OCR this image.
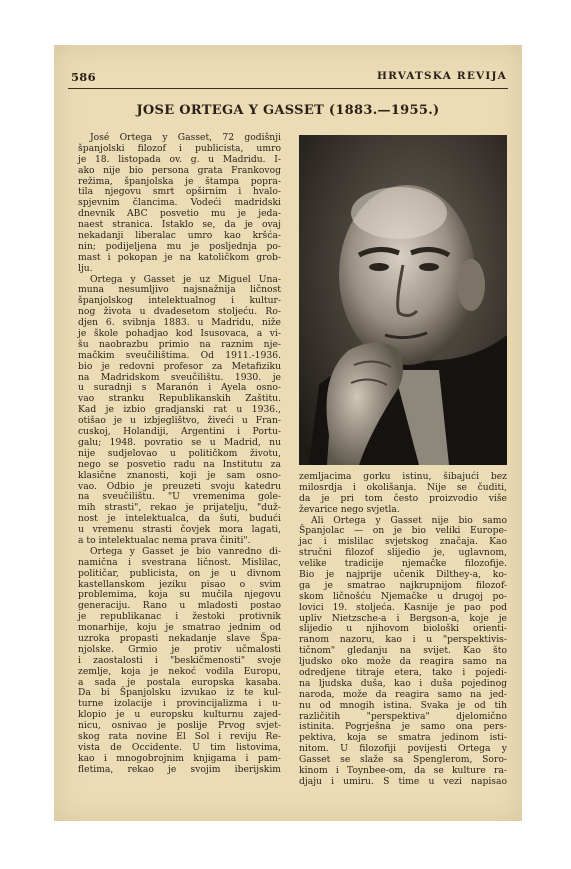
586	HRVATSKA REVIJA
JOSE ORTEGA Y GASSET (1883.—1955.)
José Ortega y Gasset, 72 godišnji
španjolski filozof i publicista, umro
je 18. listopada ov. g. u Madridu. I-
ako nije bio persona grata Frankovog
režima, španjolska je štampa popra-
tila njegovu smrt opširnim i hvalo-
spjevnim člancima. Vodeći madridski
dnevnik ABC posvetio mu je jeda-
naest stranica. Istaklo se, da je ovaj
nekadanji liberalac umro kao kršća-
nin; podijeljena mu je posljednja po-
mast i pokopan je na katoličkom grob-
lju.
Ortega y Gasset je uz Miguel Una-
muna nesumljivo najsnažnija ličnost
španjolskog intelektualnog i kultur-
nog života u dvadesetom stoljeću. Ro-
djen 6. svibnja 1883. u Madridu, niže
je škole pohadjao kod Isusovaca, a vi-
šu naobrazbu primio na raznim nje-
mačkim sveučilištima. Od 1911.-1936.
bio je redovni profesor za Metafiziku
na Madridskom sveučilištu. 1930. je
u suradnji s Maranón i Ayela osno-
vao stranku Republikanskih Zaštitu.
Kad je izbio gradjanski rat u 1936.,
otišao je u izbjeglištvo, živeći u Fran-
cuskoj, Holandiji, Argentini i Portu-
galu; 1948. povratio se u Madrid, nu
nije sudjelovao u političkom životu,
nego se posvetio radu na Institutu za
klasične znanosti, koji je sam osno-
vao. Odbio je preuzeti svoju katedru
na sveučilištu. "U vremenima gole-
mih strasti", rekao je prijatelju, "duž-
nost je intelektualca, da šuti, budući
u vremenu strasti čovjek mora lagati,
a to intelektualac nema prava činiti".
Ortega y Gasset je bio vanredno di-
namična i svestrana ličnost. Mislilac,
političar, publicista, on je u divnom
kastellanskom jeziku pisao o svim
problemima, koja su mučila njegovu
generaciju. Rano u mladosti postao
je republikanac i žestoki protivnik
monarhije, koju je smatrao jednim od
uzroka propasti nekadanje slave Špa-
njolske. Grmio je protiv učmalosti
i zaostalosti i "beskičmenosti" svoje
zemlje, koja je nekoć vodila Europu,
a sada je postala europska kasaba.
Da bi Španjolsku izvukao iz te kul-
turne izolacije i provincijalizma i u-
klopio je u europsku kulturnu zajed-
nicu, osnivao je poslije Prvog svjet-
skog rata novine El Sol i reviju Re-
vista de Occidente. U tim listovima,
kao i mnogobrojnim knjigama i pam-
fletima, rekao je svojim iberijskim
zemljacima gorku istinu, šibajući bez
milosrdja i okolišanja. Nije se čuditi,
da je pri tom često proizvodio više
ževarice nego svjetla.
Ali Ortega y Gasset nije bio samo
Španjolac — on je bio veliki Europe-
jac i mislilac svjetskog značaja. Kao
stručni filozof slijedio je, uglavnom,
velike tradicije njemačke filozofije.
Bio je najprije učenik Dilthey-a, ko-
ga je smatrao najkrupnijom filozof-
skom ličnošću Njemačke u drugoj po-
lovici 19. stoljeća. Kasnije je pao pod
upliv Nietzsche-a i Bergson-a, koje je
slijedio u njihovom biološki orienti-
ranom nazoru, kao i u "perspektivis-
tičnom" gledanju na svijet. Kao što
ljudsko oko može da reagira samo na
odredjene titraje etera, tako i pojedi-
na ljudska duša, kao i duša pojedinog
naroda, može da reagira samo na jed-
nu od mnogih istina. Svaka je od tih
različitih "perspektiva" djelomično
istinita. Pogrješna je samo ona pers-
pektiva, koja se smatra jedinom isti-
nitom. U filozofiji povijesti Ortega y
Gasset se slaže sa Spenglerom, Soro-
kinom i Toynbee-om, da se kulture ra-
djaju i umiru. S time u vezi napisao
